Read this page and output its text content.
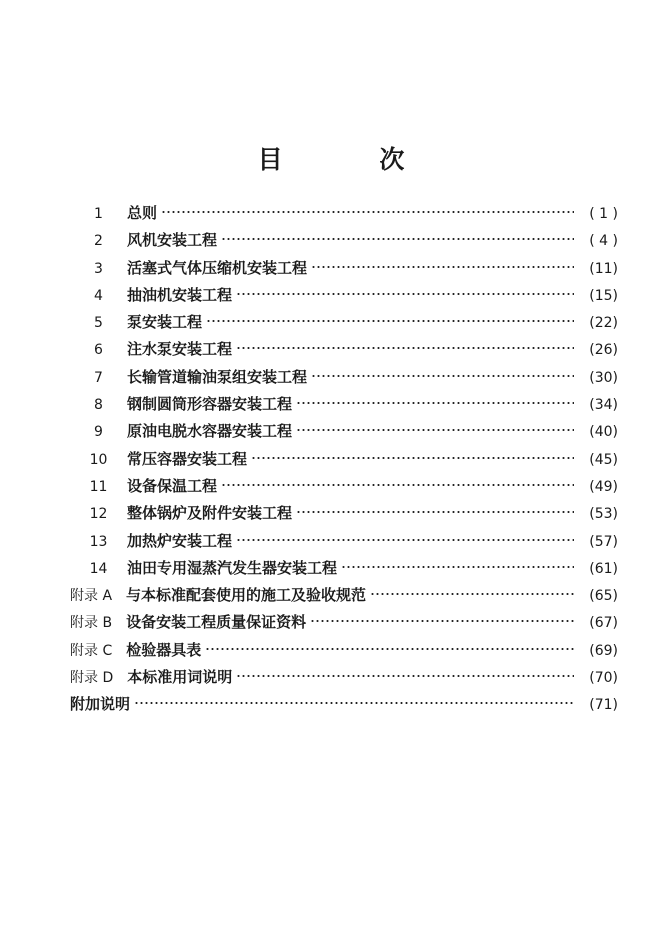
目 次
1	总则	( 1 )
2	风机安装工程	( 4 )
3	活塞式气体压缩机安装工程	(11)
4	抽油机安装工程	(15)
5	泵安装工程	(22)
6	注水泵安装工程	(26)
7	长输管道输油泵组安装工程	(30)
8	钢制圆筒形容器安装工程	(34)
9	原油电脱水容器安装工程	(40)
10	常压容器安装工程	(45)
11	设备保温工程	(49)
12	整体锅炉及附件安装工程	(53)
13	加热炉安装工程	(57)
14	油田专用湿蒸汽发生器安装工程	(61)
附录 A 与本标准配套使用的施工及验收规范	(65)
附录 B 设备安装工程质量保证资料	(67)
附录 C 检验器具表	(69)
附录 D 本标准用词说明	(70)
附加说明	(71)
